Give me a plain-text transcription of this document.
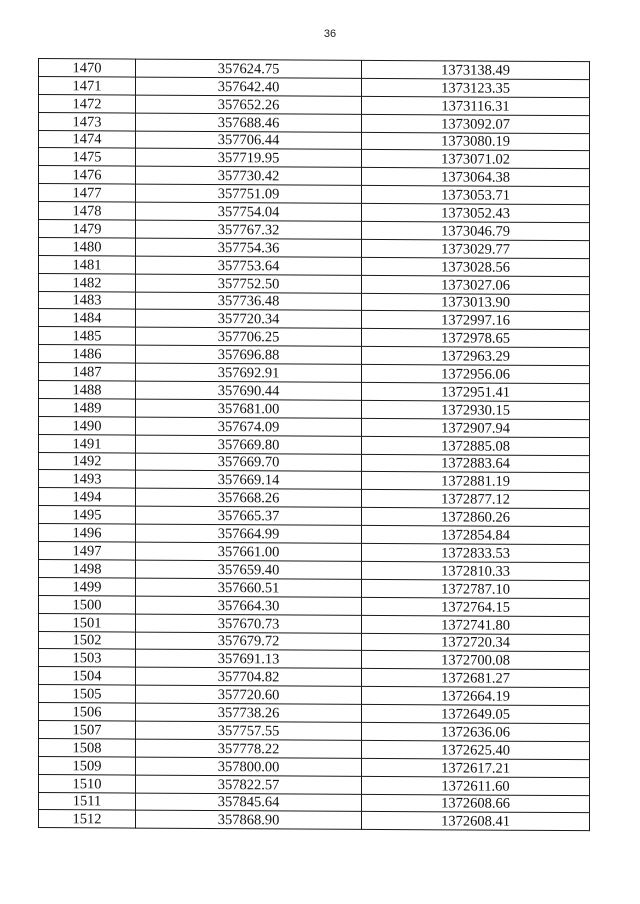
36
1470	357624.75	1373138.49
1471	357642.40	1373123.35
1472	357652.26	1373116.31
1473	357688.46	1373092.07
1474	357706.44	1373080.19
1475	357719.95	1373071.02
1476	357730.42	1373064.38
1477	357751.09	1373053.71
1478	357754.04	1373052.43
1479	357767.32	1373046.79
1480	357754.36	1373029.77
1481	357753.64	1373028.56
1482	357752.50	1373027.06
1483	357736.48	1373013.90
1484	357720.34	1372997.16
1485	357706.25	1372978.65
1486	357696.88	1372963.29
1487	357692.91	1372956.06
1488	357690.44	1372951.41
1489	357681.00	1372930.15
1490	357674.09	1372907.94
1491	357669.80	1372885.08
1492	357669.70	1372883.64
1493	357669.14	1372881.19
1494	357668.26	1372877.12
1495	357665.37	1372860.26
1496	357664.99	1372854.84
1497	357661.00	1372833.53
1498	357659.40	1372810.33
1499	357660.51	1372787.10
1500	357664.30	1372764.15
1501	357670.73	1372741.80
1502	357679.72	1372720.34
1503	357691.13	1372700.08
1504	357704.82	1372681.27
1505	357720.60	1372664.19
1506	357738.26	1372649.05
1507	357757.55	1372636.06
1508	357778.22	1372625.40
1509	357800.00	1372617.21
1510	357822.57	1372611.60
1511	357845.64	1372608.66
1512	357868.90	1372608.41
